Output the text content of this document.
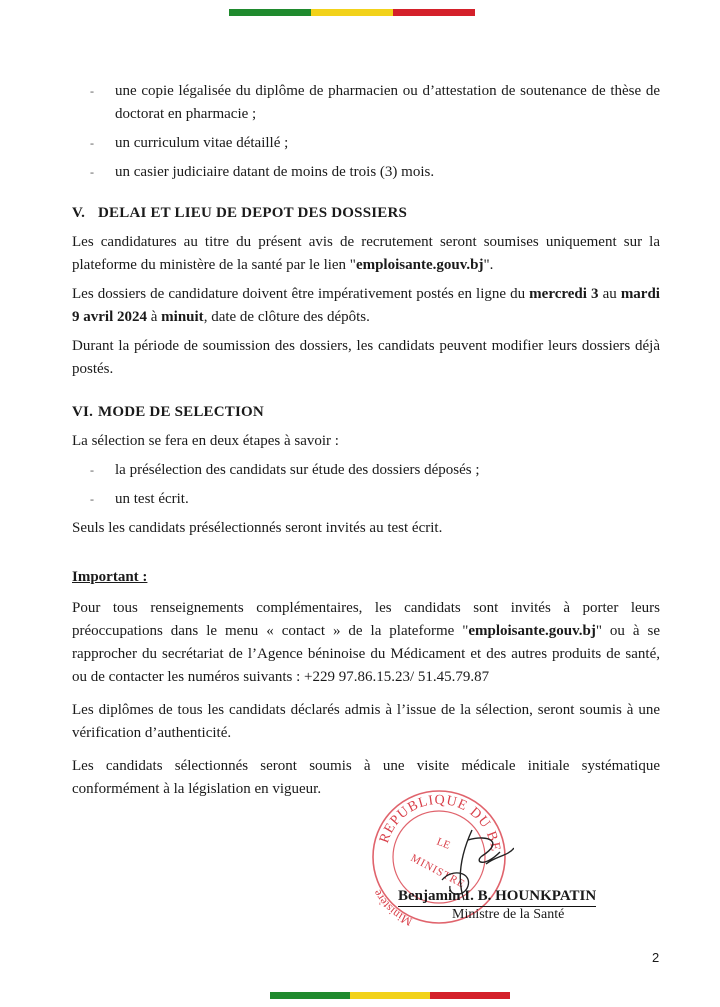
- une copie légalisée du diplôme de pharmacien ou d’attestation de soutenance de thèse de doctorat en pharmacie ;
- un curriculum vitae détaillé ;
- un casier judiciaire datant de moins de trois (3) mois.
V. DELAI ET LIEU DE DEPOT DES DOSSIERS

Les candidatures au titre du présent avis de recrutement seront soumises uniquement sur la plateforme du ministère de la santé par le lien "emploisante.gouv.bj".

Les dossiers de candidature doivent être impérativement postés en ligne du mercredi 3 au mardi 9 avril 2024 à minuit, date de clôture des dépôts.

Durant la période de soumission des dossiers, les candidats peuvent modifier leurs dossiers déjà postés.

VI. MODE DE SELECTION

La sélection se fera en deux étapes à savoir :

- la présélection des candidats sur étude des dossiers déposés ;
- un test écrit.

Seuls les candidats présélectionnés seront invités au test écrit.

Important :

Pour tous renseignements complémentaires, les candidats sont invités à porter leurs préoccupations dans le menu « contact » de la plateforme "emploisante.gouv.bj" ou à se rapprocher du secrétariat de l’Agence béninoise du Médicament et des autres produits de santé, ou de contacter les numéros suivants : +229 97.86.15.23/ 51.45.79.87

Les diplômes de tous les candidats déclarés admis à l’issue de la sélection, seront soumis à une vérification d’authenticité.

Les candidats sélectionnés seront soumis à une visite médicale initiale systématique conformément à la législation en vigueur.

REPUBLIQUE DU BE
Ministère
LE
MINISTRE
Benjamin I. B. HOUNKPATIN
Ministre de la Santé
2
